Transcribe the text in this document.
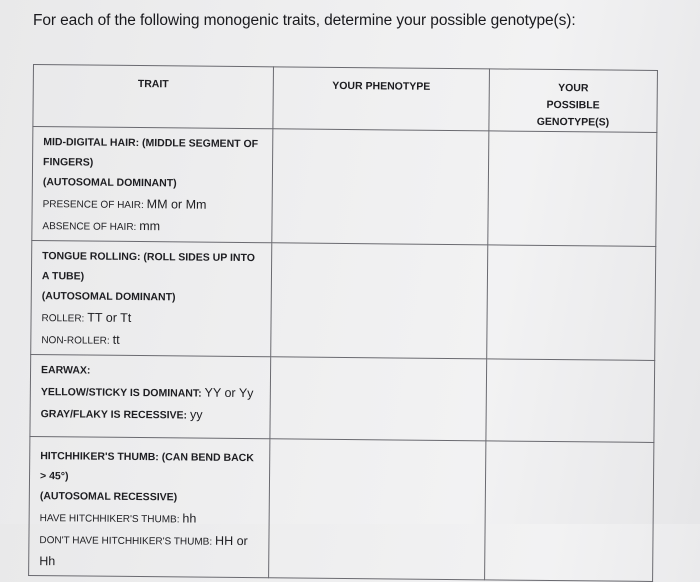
For each of the following monogenic traits, determine your possible genotype(s):
TRAIT	YOUR PHENOTYPE	YOUR POSSIBLE GENOTYPE(S)

MID-DIGITAL HAIR: (MIDDLE SEGMENT OF FINGERS)
(AUTOSOMAL DOMINANT)
PRESENCE OF HAIR: MM or Mm
ABSENCE OF HAIR: mm		

TONGUE ROLLING: (ROLL SIDES UP INTO A TUBE)
(AUTOSOMAL DOMINANT)
ROLLER: TT or Tt
NON-ROLLER: tt		

EARWAX:
YELLOW/STICKY IS DOMINANT: YY or Yy
GRAY/FLAKY IS RECESSIVE: yy		

HITCHHIKER'S THUMB: (CAN BEND BACK > 45°)
(AUTOSOMAL RECESSIVE)
HAVE HITCHHIKER'S THUMB: hh
DON'T HAVE HITCHHIKER'S THUMB: HH or Hh		
